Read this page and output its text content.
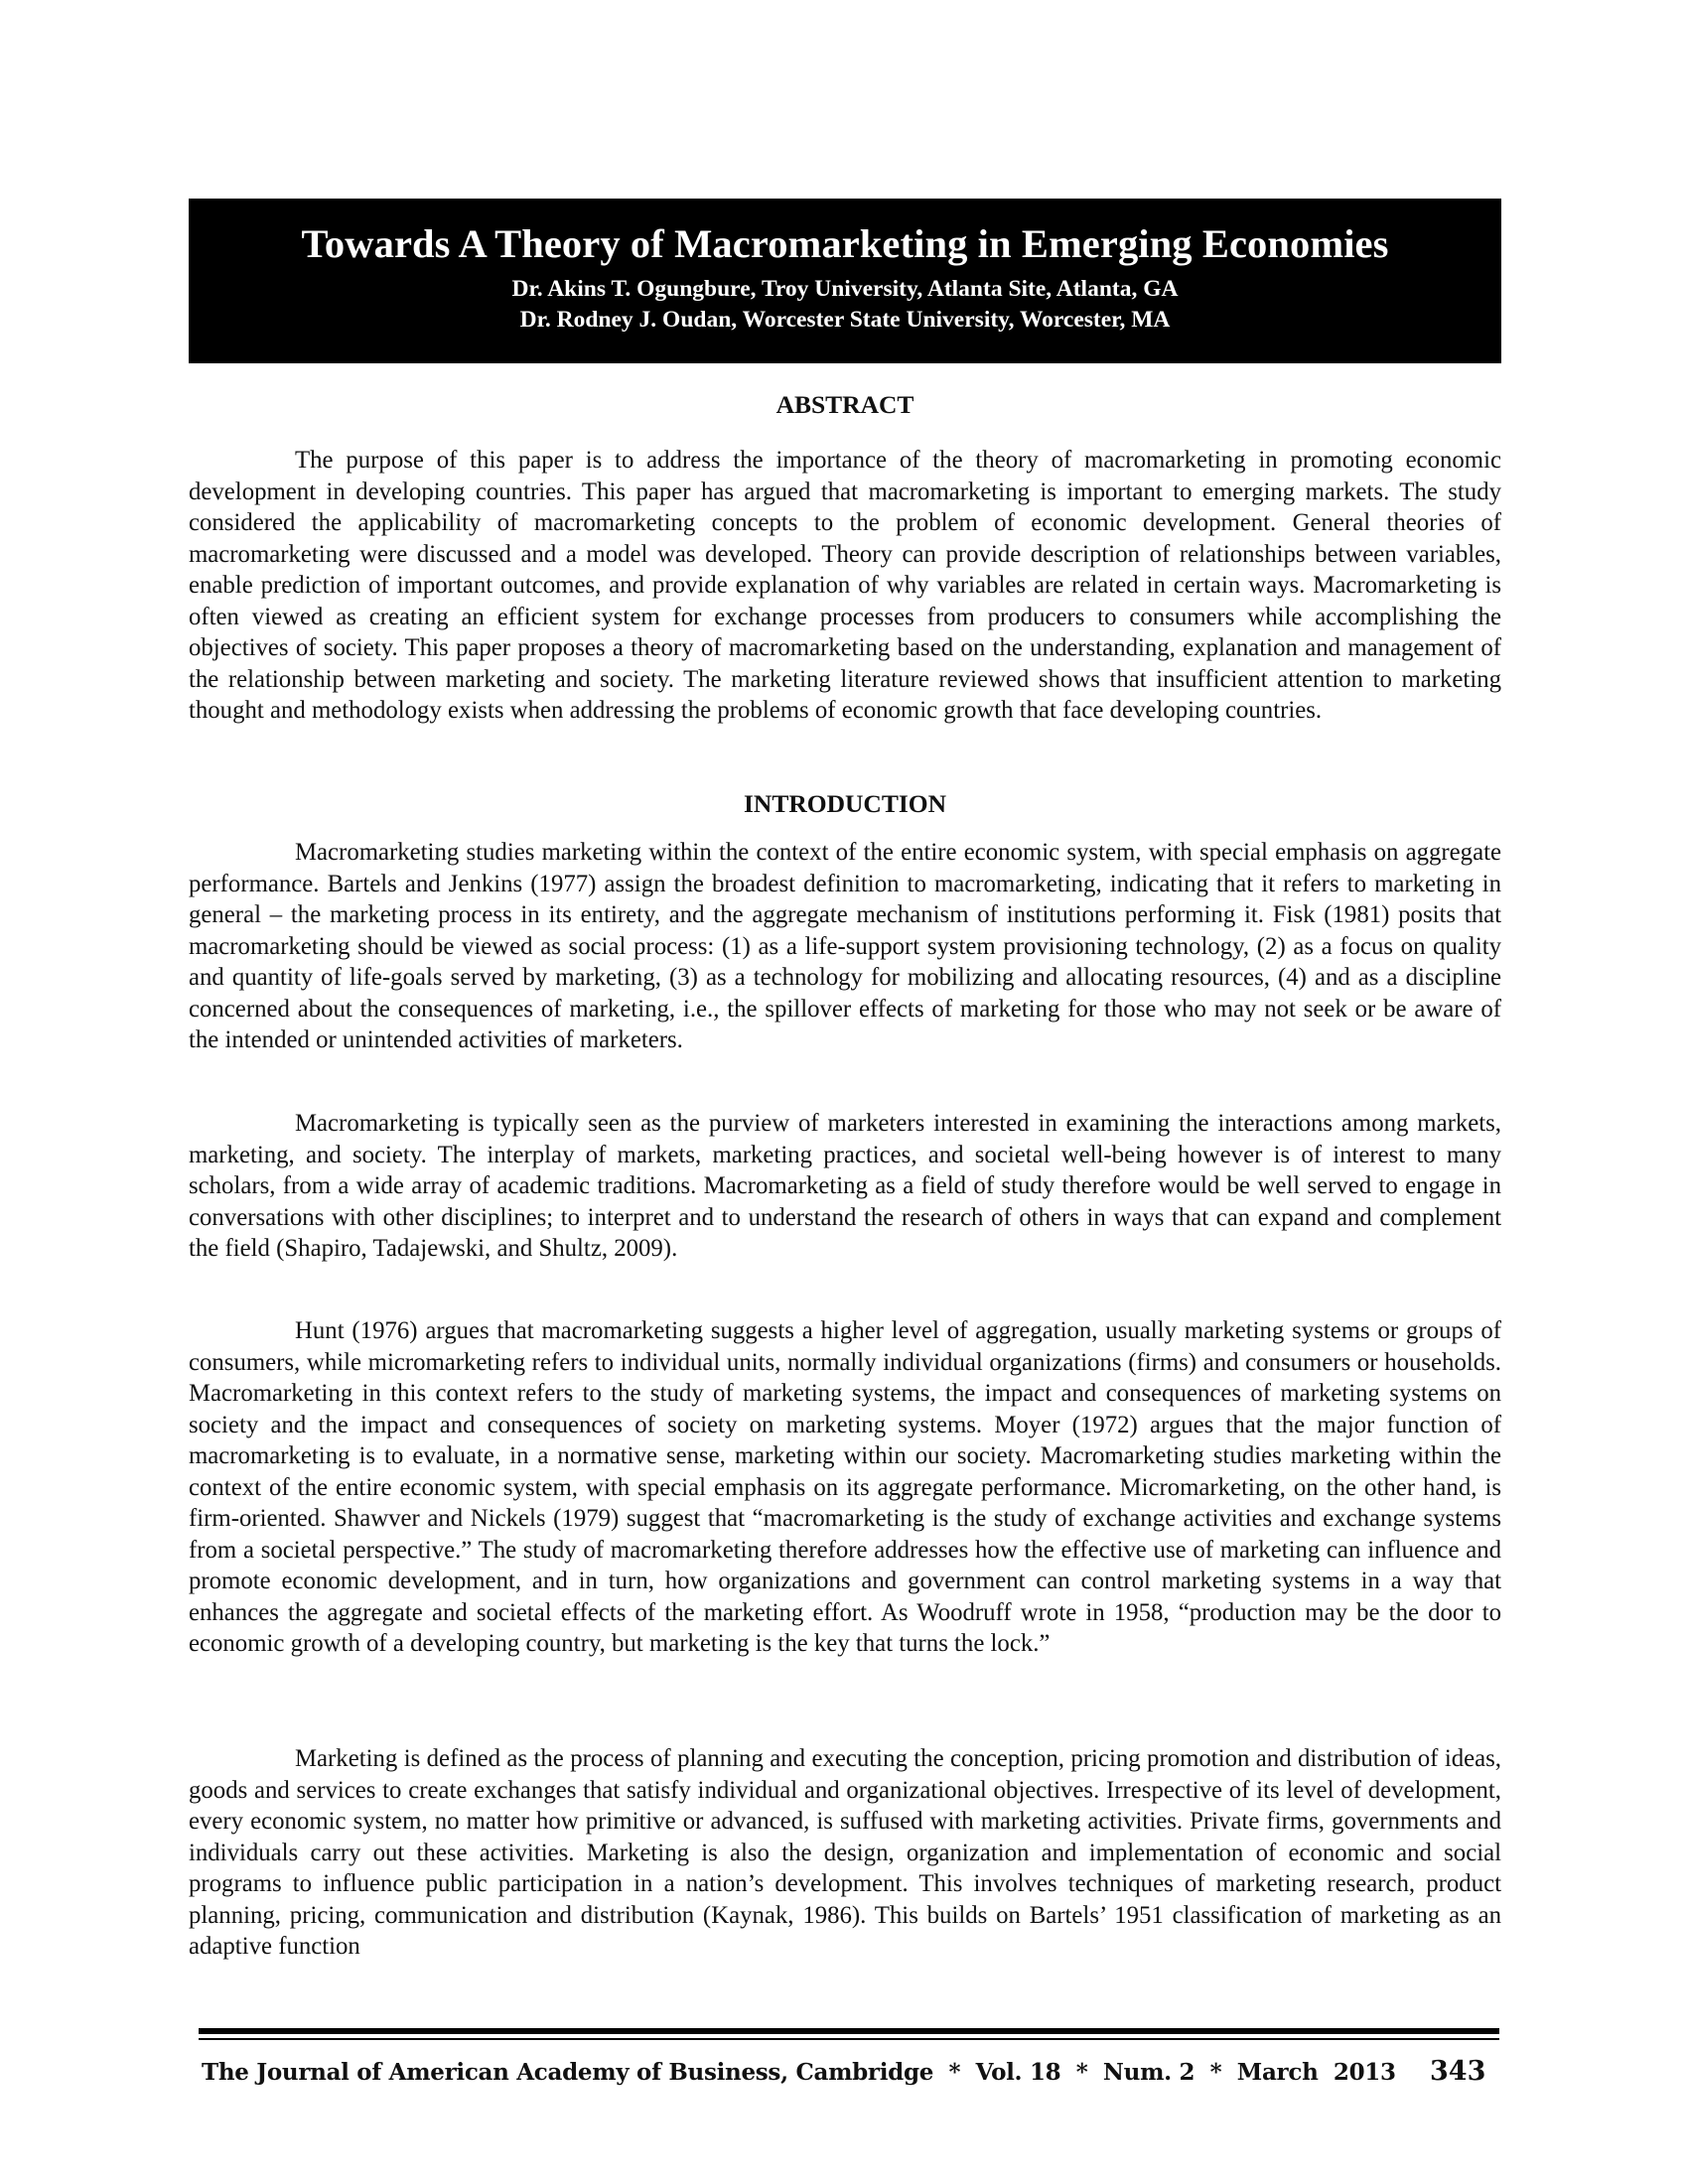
Towards A Theory of Macromarketing in Emerging Economies
Dr. Akins T. Ogungbure, Troy University, Atlanta Site, Atlanta, GA
Dr. Rodney J. Oudan, Worcester State University, Worcester, MA
ABSTRACT

The purpose of this paper is to address the importance of the theory of macromarketing in promoting economic development in developing countries. This paper has argued that macromarketing is important to emerging markets. The study considered the applicability of macromarketing concepts to the problem of economic development. General theories of macromarketing were discussed and a model was developed. Theory can provide description of relationships between variables, enable prediction of important outcomes, and provide explanation of why variables are related in certain ways. Macromarketing is often viewed as creating an efficient system for exchange processes from producers to consumers while accomplishing the objectives of society. This paper proposes a theory of macromarketing based on the understanding, explanation and management of the relationship between marketing and society. The marketing literature reviewed shows that insufficient attention to marketing thought and methodology exists when addressing the problems of economic growth that face developing countries.

INTRODUCTION

Macromarketing studies marketing within the context of the entire economic system, with special emphasis on aggregate performance. Bartels and Jenkins (1977) assign the broadest definition to macromarketing, indicating that it refers to marketing in general – the marketing process in its entirety, and the aggregate mechanism of institutions performing it. Fisk (1981) posits that macromarketing should be viewed as social process: (1) as a life-support system provisioning technology, (2) as a focus on quality and quantity of life-goals served by marketing, (3) as a technology for mobilizing and allocating resources, (4) and as a discipline concerned about the consequences of marketing, i.e., the spillover effects of marketing for those who may not seek or be aware of the intended or unintended activities of marketers.

Macromarketing is typically seen as the purview of marketers interested in examining the interactions among markets, marketing, and society. The interplay of markets, marketing practices, and societal well-being however is of interest to many scholars, from a wide array of academic traditions. Macromarketing as a field of study therefore would be well served to engage in conversations with other disciplines; to interpret and to understand the research of others in ways that can expand and complement the field (Shapiro, Tadajewski, and Shultz, 2009).

Hunt (1976) argues that macromarketing suggests a higher level of aggregation, usually marketing systems or groups of consumers, while micromarketing refers to individual units, normally individual organizations (firms) and consumers or households. Macromarketing in this context refers to the study of marketing systems, the impact and consequences of marketing systems on society and the impact and consequences of society on marketing systems. Moyer (1972) argues that the major function of macromarketing is to evaluate, in a normative sense, marketing within our society. Macromarketing studies marketing within the context of the entire economic system, with special emphasis on its aggregate performance. Micromarketing, on the other hand, is firm-oriented. Shawver and Nickels (1979) suggest that “macromarketing is the study of exchange activities and exchange systems from a societal perspective.” The study of macromarketing therefore addresses how the effective use of marketing can influence and promote economic development, and in turn, how organizations and government can control marketing systems in a way that enhances the aggregate and societal effects of the marketing effort. As Woodruff wrote in 1958, “production may be the door to economic growth of a developing country, but marketing is the key that turns the lock.”

Marketing is defined as the process of planning and executing the conception, pricing promotion and distribution of ideas, goods and services to create exchanges that satisfy individual and organizational objectives. Irrespective of its level of development, every economic system, no matter how primitive or advanced, is suffused with marketing activities. Private firms, governments and individuals carry out these activities. Marketing is also the design, organization and implementation of economic and social programs to influence public participation in a nation’s development. This involves techniques of marketing research, product planning, pricing, communication and distribution (Kaynak, 1986). This builds on Bartels’ 1951 classification of marketing as an adaptive function

The Journal of American Academy of Business, Cambridge  *  Vol. 18  *  Num. 2  *  March  2013 343
